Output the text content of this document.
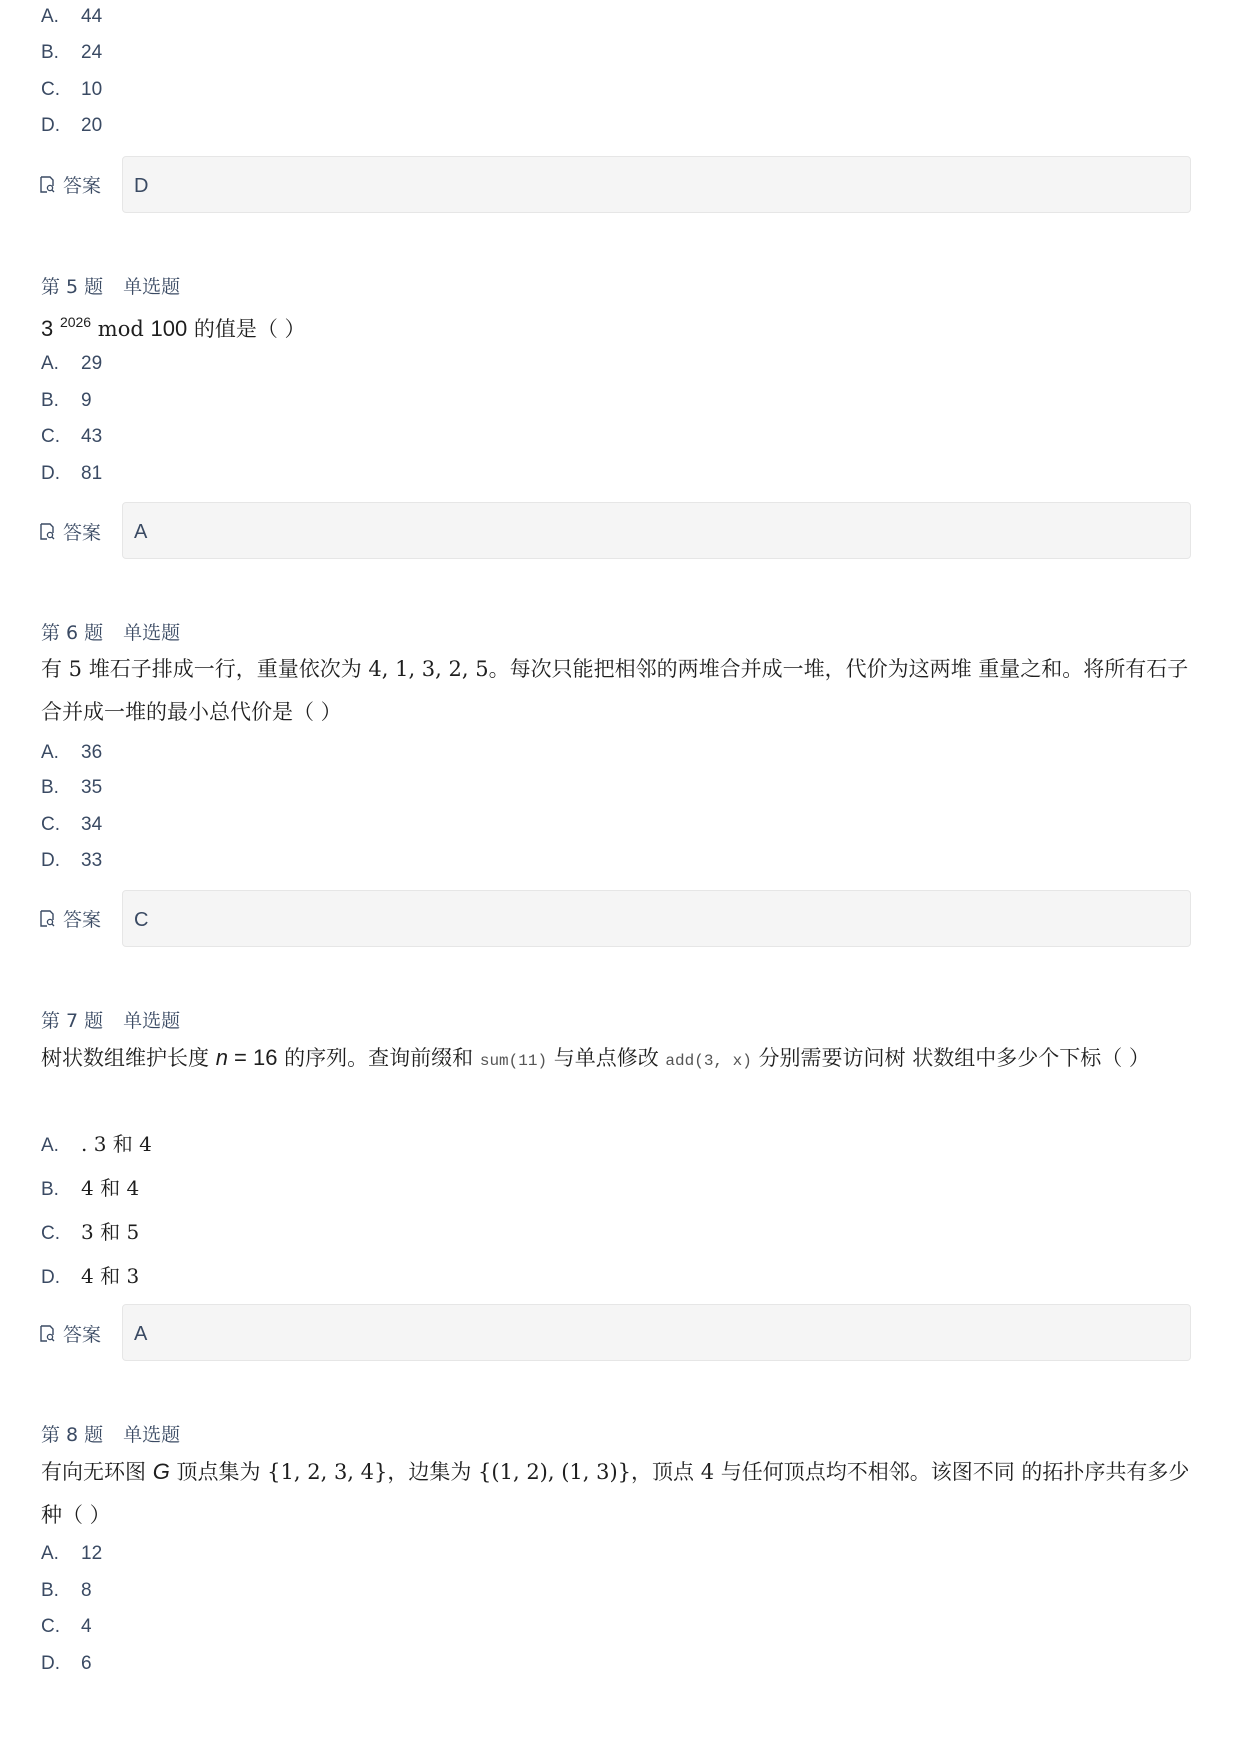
A. 44
B. 24
C. 10
D. 20
答案	D
第 5 题 单选题
3 $^{2026}$ mod 100 的值是（ ）
A. 29
B. 9
C. 43
D. 81
答案	A
第 6 题 单选题
有 5 堆石子排成一行，重量依次为 4, 1, 3, 2, 5。每次只能把相邻的两堆合并成一堆，代价为这两堆 重量之和。将所有石子合并成一堆的最小总代价是（ ）
A. 36
B. 35
C. 34
D. 33
答案	C
第 7 题 单选题
树状数组维护长度 n = 16 的序列。查询前缀和 sum(11) 与单点修改 add(3, x) 分别需要访问树 状数组中多少个下标（ ）
A. . 3 和 4
B. 4 和 4
C. 3 和 5
D. 4 和 3
答案	A
第 8 题 单选题
有向无环图 G 顶点集为 {1, 2, 3, 4}，边集为 {(1, 2), (1, 3)}，顶点 4 与任何顶点均不相邻。该图不同 的拓扑序共有多少种（ ）
A. 12
B. 8
C. 4
D. 6
